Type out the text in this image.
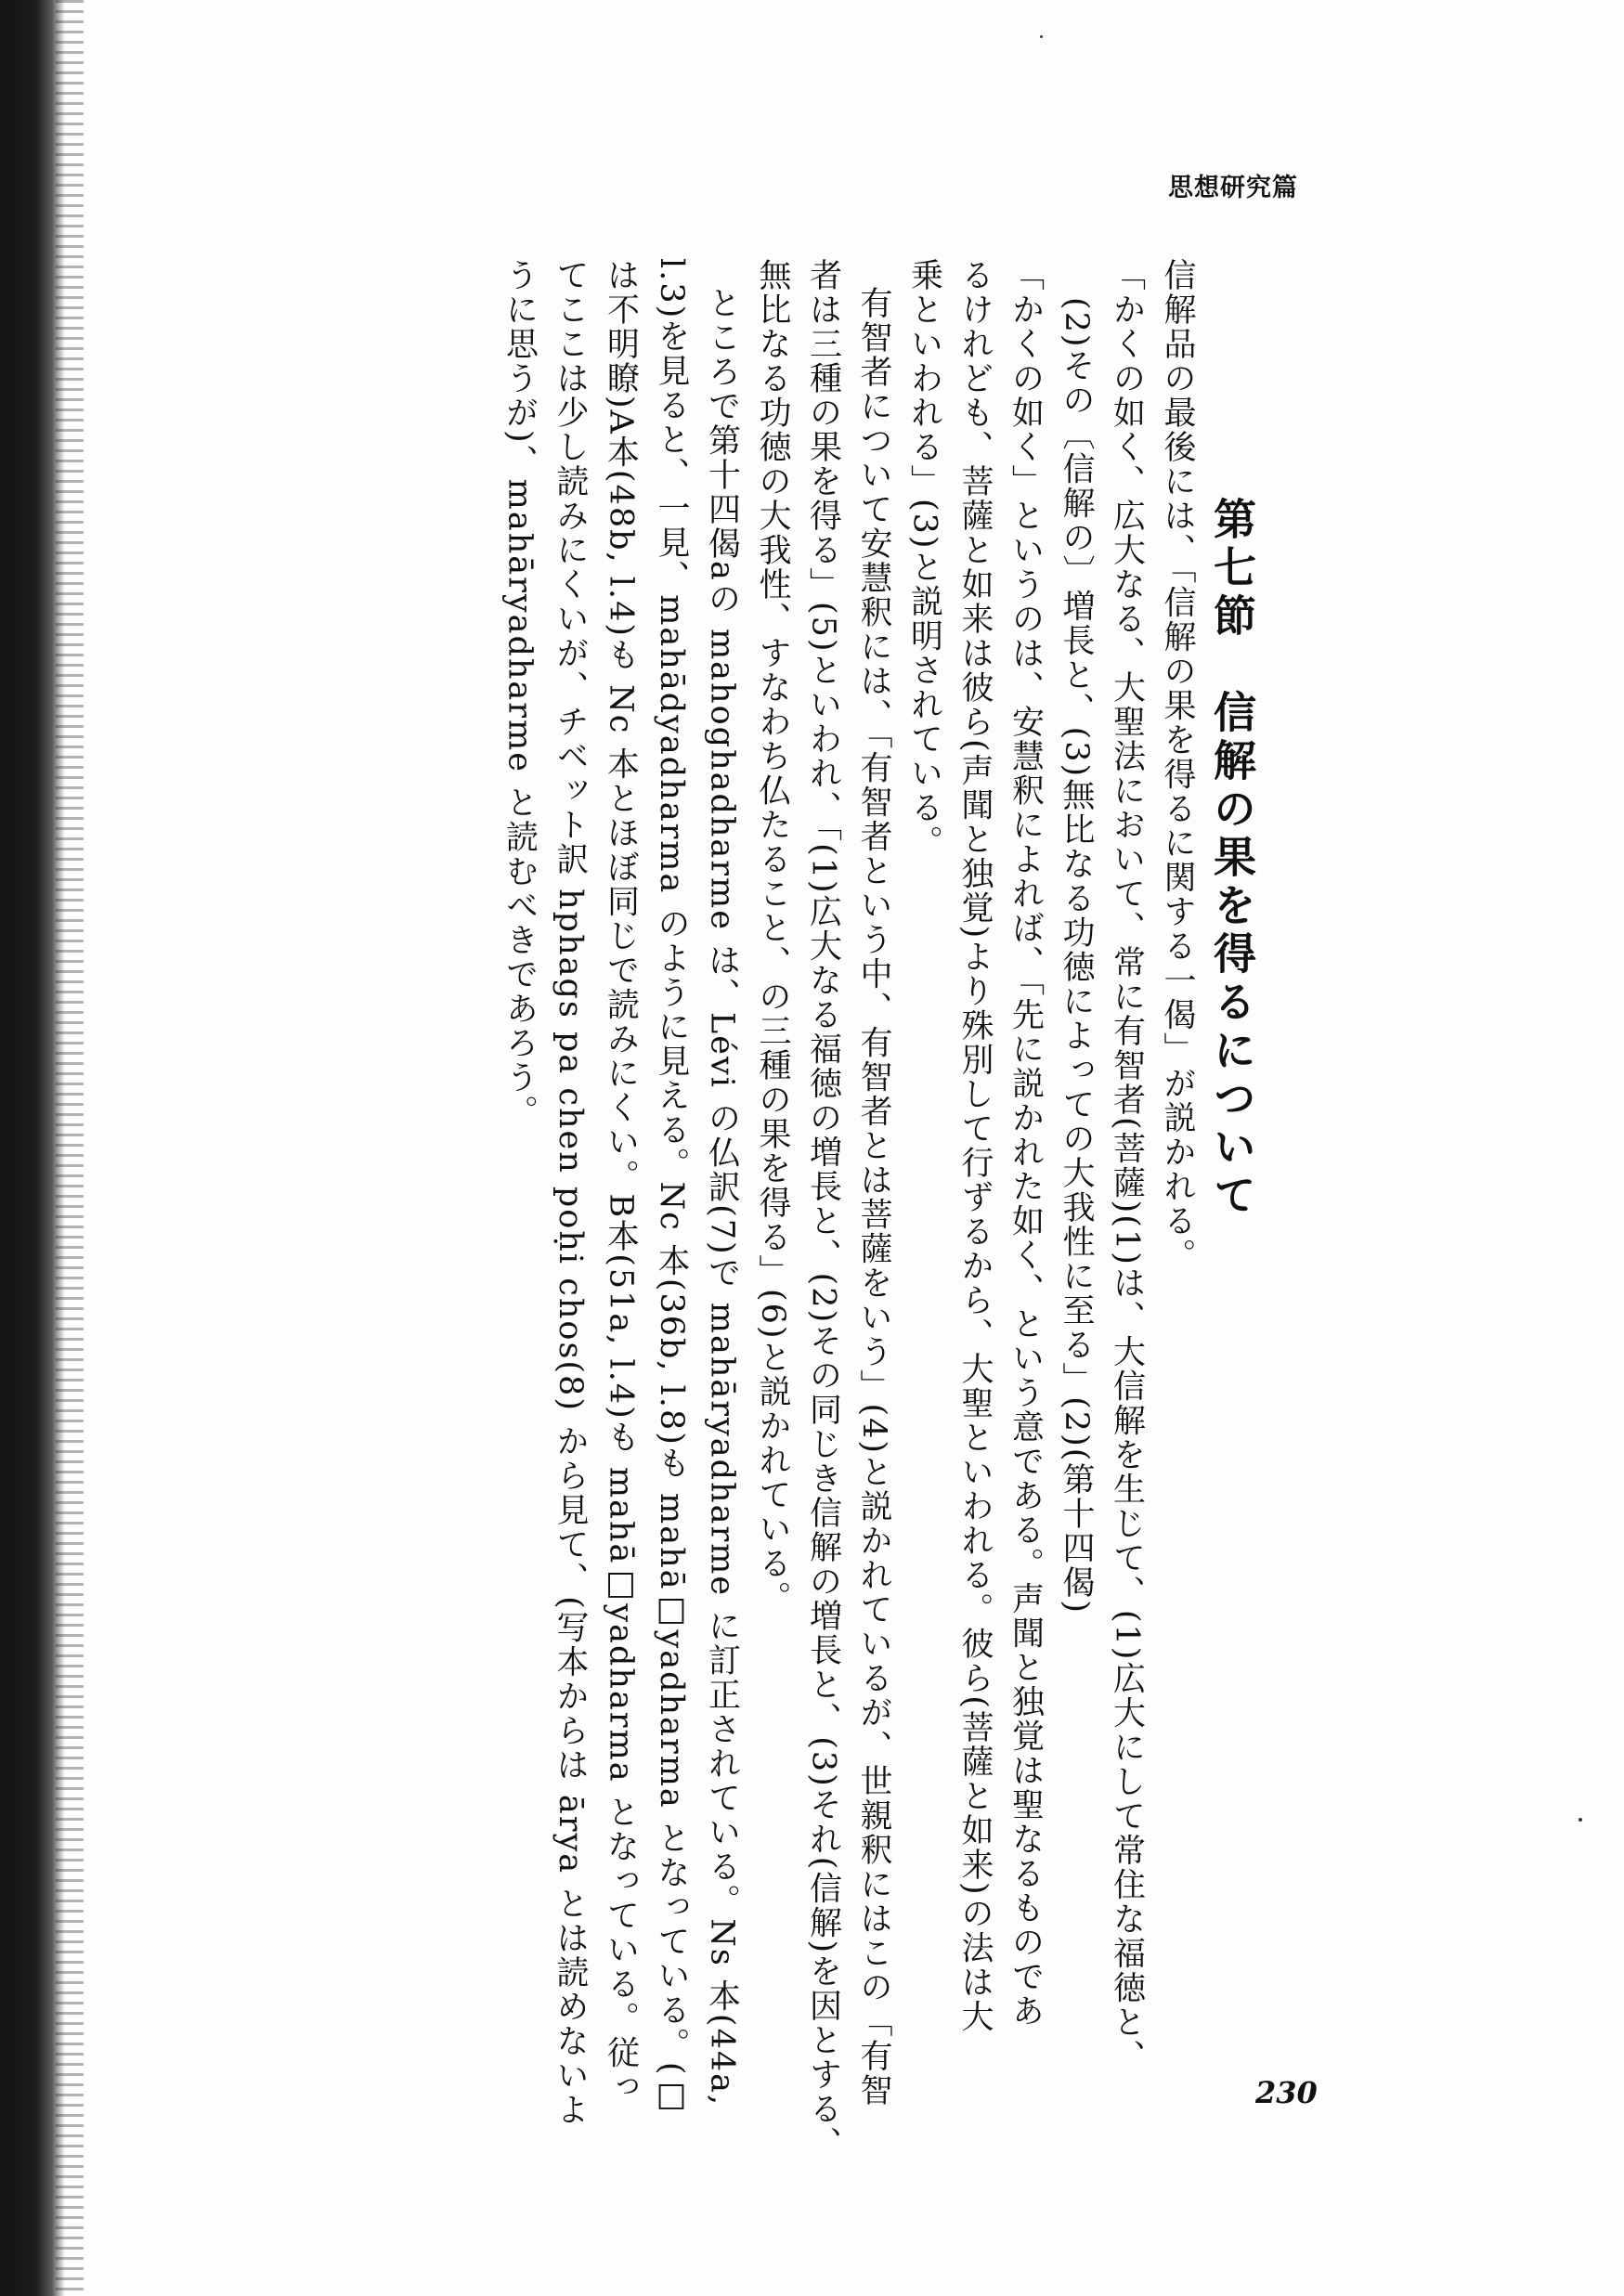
思想研究篇
第七節　信解の果を得るについて
信解品の最後には、「信解の果を得るに関する一偈」が説かれる。
「かくの如く、広大なる、大聖法において、常に有智者(菩薩)(1)は、大信解を生じて、(1)広大にして常住な福徳と、
(2)その〔信解の〕増長と、(3)無比なる功徳によっての大我性に至る」(2)(第十四偈)
「かくの如く」というのは、安慧釈によれば、「先に説かれた如く、という意である。声聞と独覚は聖なるものであ
るけれども、菩薩と如来は彼ら(声聞と独覚)より殊別して行ずるから、大聖といわれる。彼ら(菩薩と如来)の法は大
乗といわれる」(3)と説明されている。
有智者について安慧釈には、「有智者という中、有智者とは菩薩をいう」(4)と説かれているが、世親釈にはこの「有智
者は三種の果を得る」(5)といわれ、「(1)広大なる福徳の増長と、(2)その同じき信解の増長と、(3)それ(信解)を因とする、
無比なる功徳の大我性、すなわち仏たること、の三種の果を得る」(6)と説かれている。
ところで第十四偈aの mahoghadharme は、Lévi の仏訳(7)で mahāryadharme に訂正されている。Ns 本(44a,
l.3)を見ると、一見、mahādyadharma のように見える。Nc 本(36b, l.8)も mahā□yadharma となっている。(□
は不明瞭)A本(48b, l.4)も Nc 本とほぼ同じで読みにくい。B本(51a, l.4)も mahā□yadharma となっている。従っ
てここは少し読みにくいが、チベット訳 hphags pa chen poḥi chos(8) から見て、(写本からは ārya とは読めないよ
うに思うが)、mahāryadharme と読むべきであろう。
230
